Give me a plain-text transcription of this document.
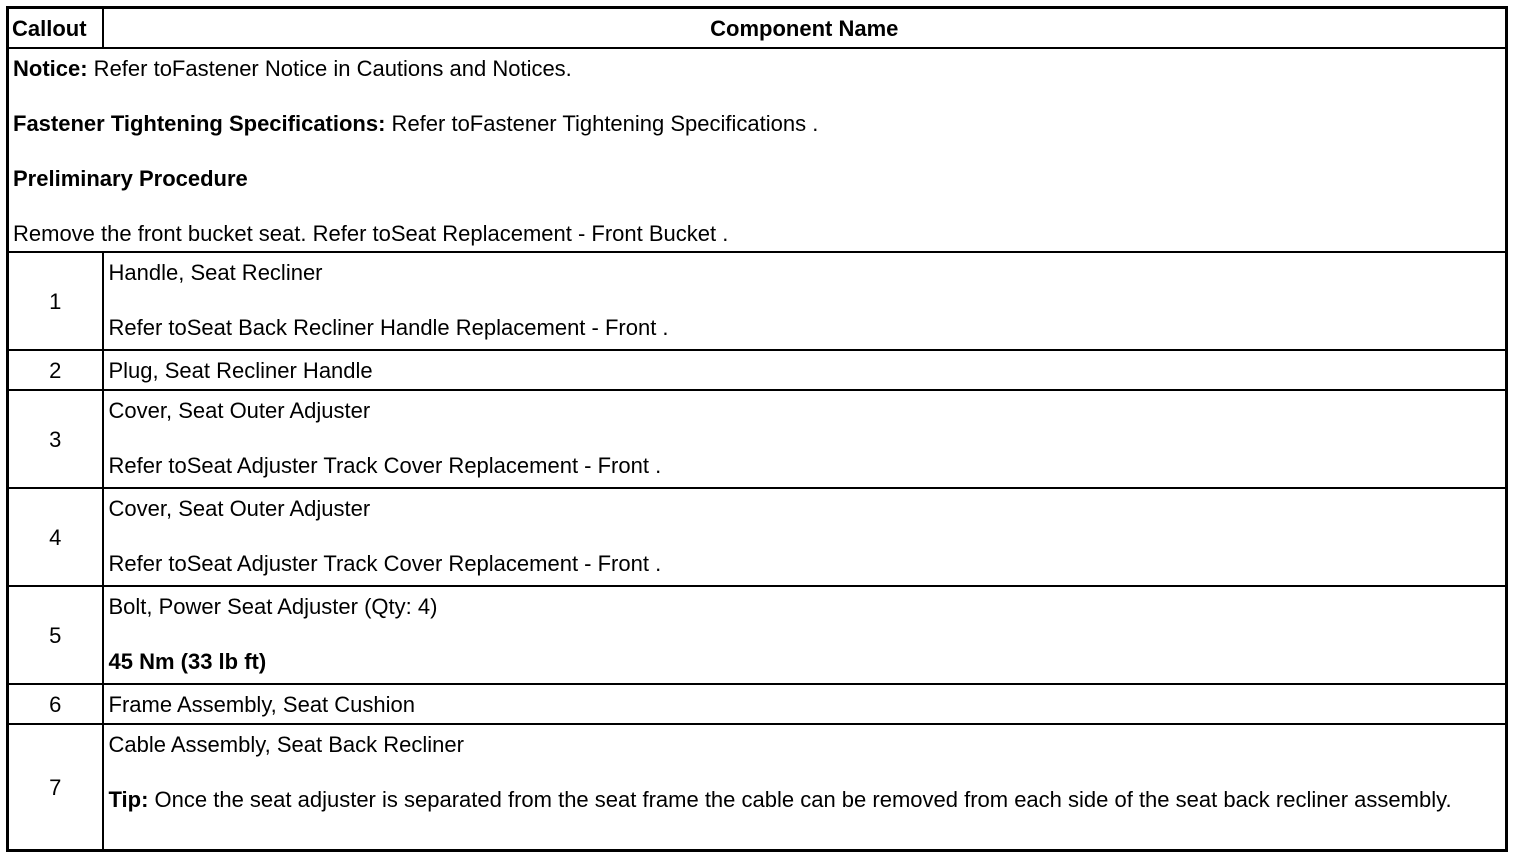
Callout	Component Name

Notice: Refer toFastener Notice in Cautions and Notices.

Fastener Tightening Specifications: Refer toFastener Tightening Specifications .

Preliminary Procedure

Remove the front bucket seat. Refer toSeat Replacement - Front Bucket .	

1	Handle, Seat Recliner

Refer toSeat Back Recliner Handle Replacement - Front .

2	Plug, Seat Recliner Handle
3	Cover, Seat Outer Adjuster

Refer toSeat Adjuster Track Cover Replacement - Front .

4	Cover, Seat Outer Adjuster

Refer toSeat Adjuster Track Cover Replacement - Front .

5	Bolt, Power Seat Adjuster (Qty: 4)

45 Nm (33 lb ft)

6	Frame Assembly, Seat Cushion
7	Cable Assembly, Seat Back Recliner

Tip: Once the seat adjuster is separated from the seat frame the cable can be removed from each side of the seat back recliner assembly.
